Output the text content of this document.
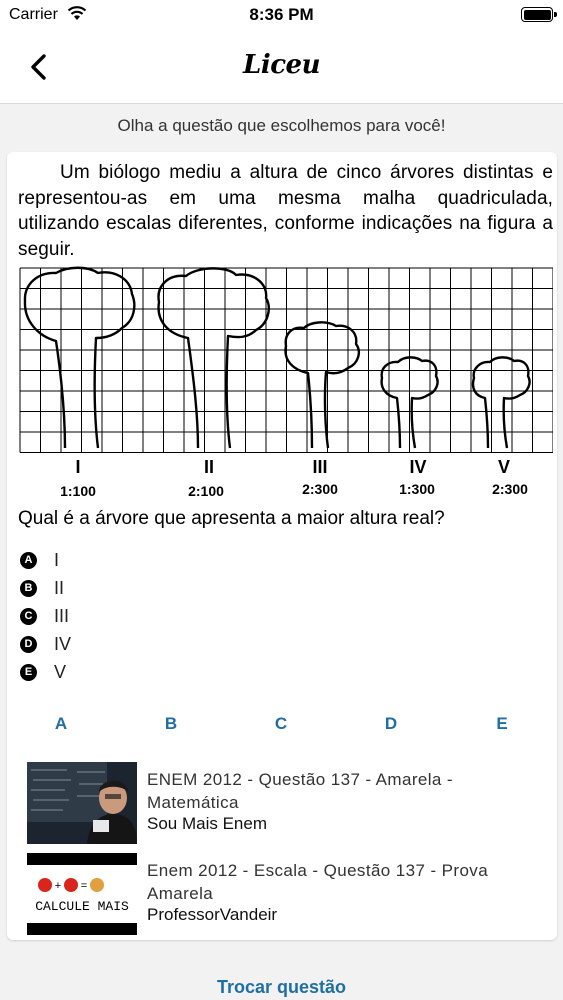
Carrier	8:36 PM
Liceu
Olha a questão que escolhemos para você!
Um biólogo mediu a altura de cinco árvores distintas e representou-as em uma mesma malha quadriculada, utilizando escalas diferentes, conforme indicações na figura a seguir.
I
1:100
II
2:100
III
2:300
IV
1:300
V
2:300
Qual é a árvore que apresenta a maior altura real?
A I
B II
C III
D IV
E V
A	B	C	D	E
ENEM 2012 - Questão 137 - Amarela - Matemática
Sou Mais Enem
+ =
CALCULE MAIS
Enem 2012 - Escala - Questão 137 - Prova Amarela
ProfessorVandeir
Trocar questão
